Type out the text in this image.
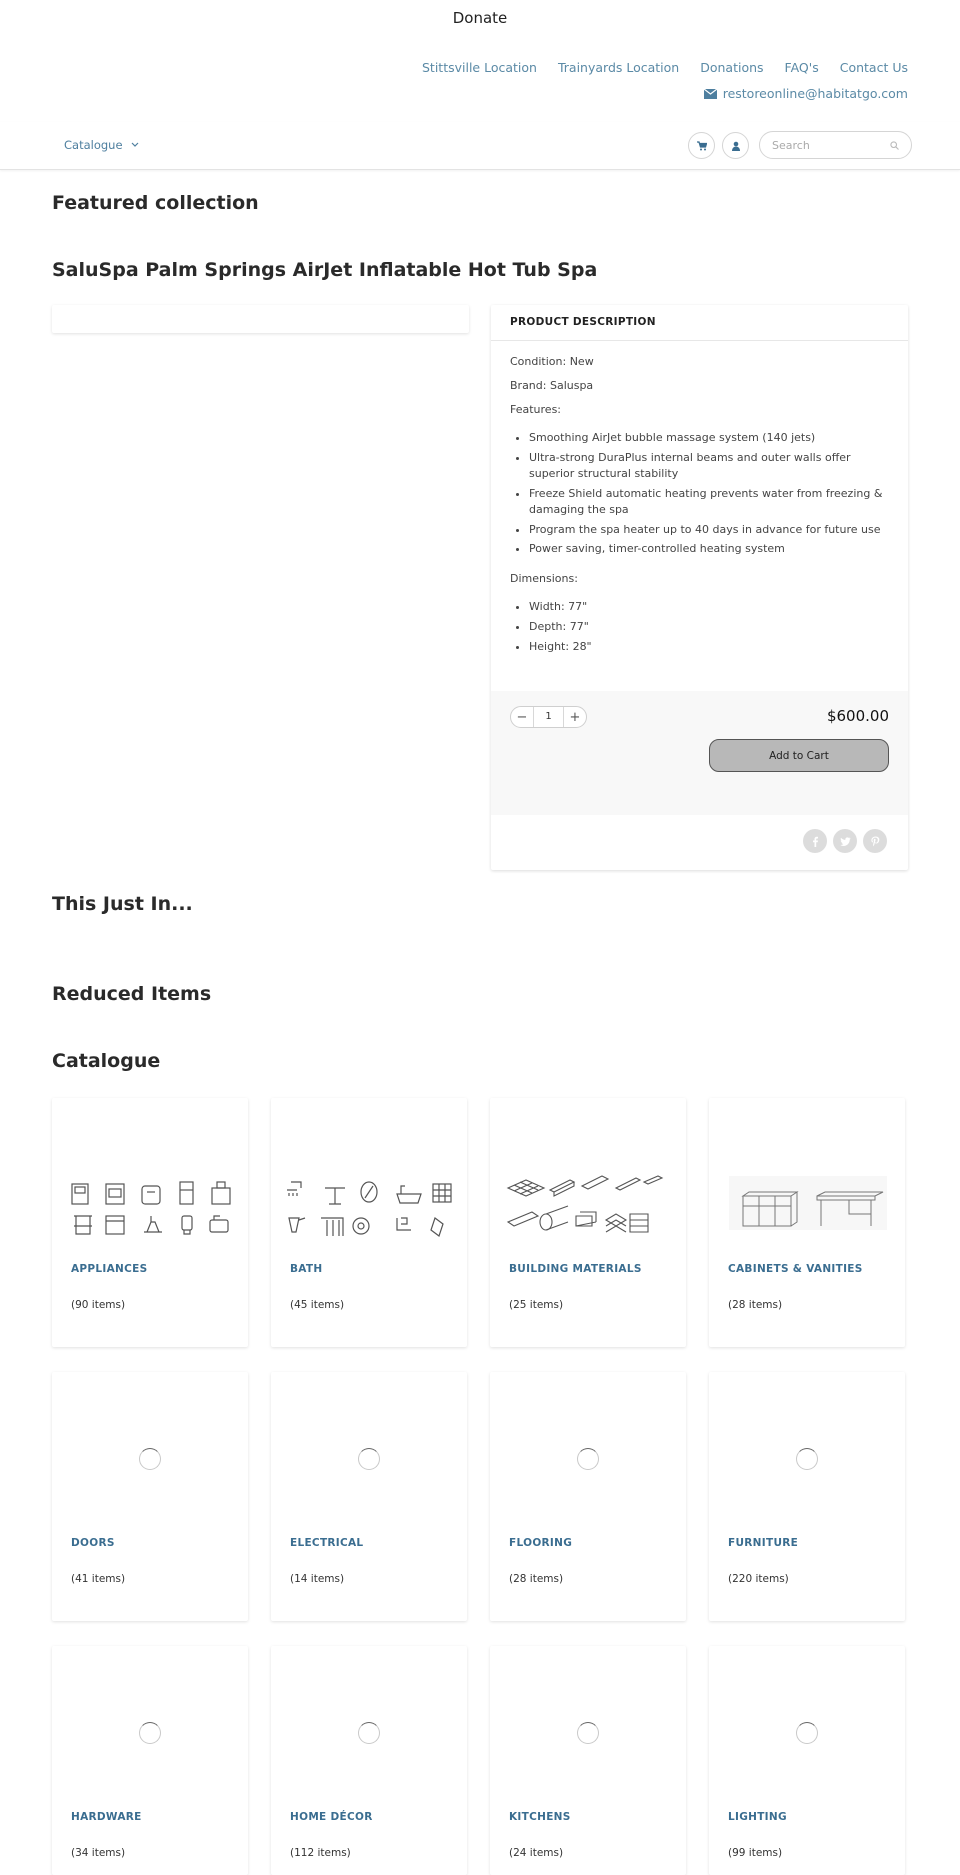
Donate
Stittsville Location Trainyards Location Donations FAQ's Contact Us
restoreonline@habitatgo.com
Catalogue
Search
Featured collection
SaluSpa Palm Springs AirJet Inflatable Hot Tub Spa
PRODUCT DESCRIPTION

Condition: New

Brand: Saluspa

Features:

• Smoothing AirJet bubble massage system (140 jets)
• Ultra-strong DuraPlus internal beams and outer walls offer superior structural stability
• Freeze Shield automatic heating prevents water from freezing & damaging the spa
• Program the spa heater up to 40 days in advance for future use
• Power saving, timer-controlled heating system

Dimensions:

• Width: 77"
• Depth: 77"
• Height: 28"
−	1	+	$600.00
Add to Cart
This Just In...
Reduced Items
Catalogue
APPLIANCES
(90 items)
BATH
(45 items)
BUILDING MATERIALS
(25 items)
CABINETS & VANITIES
(28 items)
DOORS
(41 items)
ELECTRICAL
(14 items)
FLOORING
(28 items)
FURNITURE
(220 items)
HARDWARE
(34 items)
HOME DÉCOR
(112 items)
KITCHENS
(24 items)
LIGHTING
(99 items)
